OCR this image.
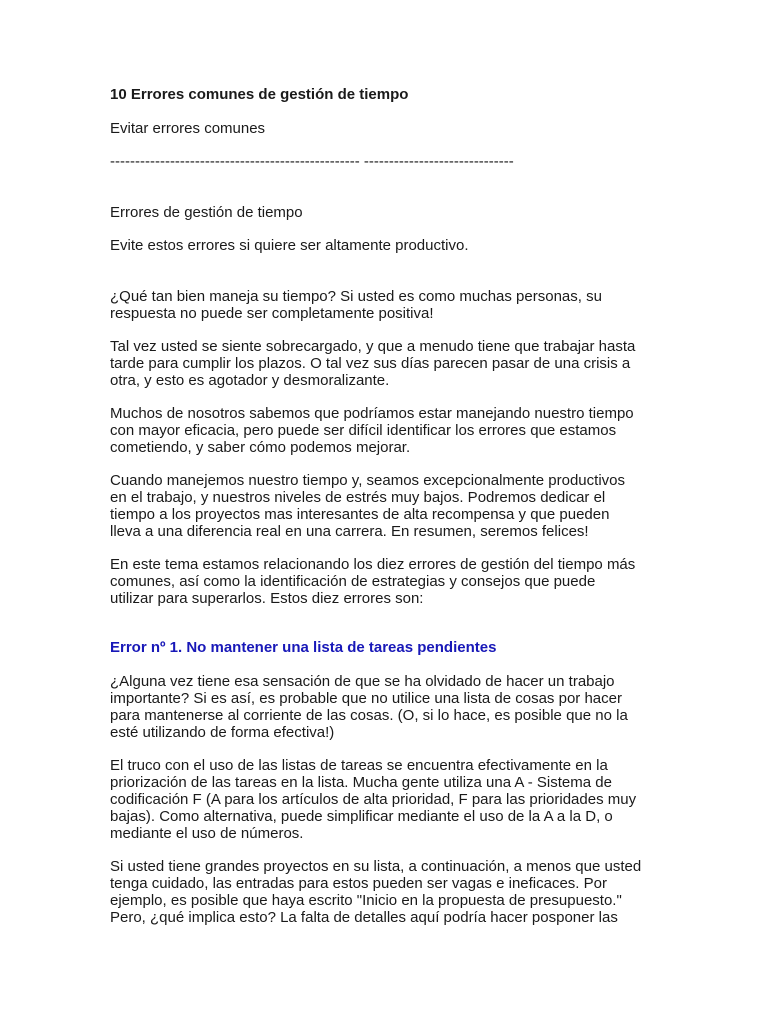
10 Errores comunes de gestión de tiempo

Evitar errores comunes

-------------------------------------------------- ------------------------------

Errores de gestión de tiempo

Evite estos errores si quiere ser altamente productivo.

¿Qué tan bien maneja su tiempo? Si usted es como muchas personas, su
respuesta no puede ser completamente positiva!
Tal vez usted se siente sobrecargado, y que a menudo tiene que trabajar hasta
tarde para cumplir los plazos. O tal vez sus días parecen pasar de una crisis a
otra, y esto es agotador y desmoralizante.
Muchos de nosotros sabemos que podríamos estar manejando nuestro tiempo
con mayor eficacia, pero puede ser difícil identificar los errores que estamos
cometiendo, y saber cómo podemos mejorar.
Cuando manejemos nuestro tiempo y, seamos excepcionalmente productivos
en el trabajo, y nuestros niveles de estrés muy bajos. Podremos dedicar el
tiempo a los proyectos mas interesantes de alta recompensa y que pueden
lleva a una diferencia real en una carrera. En resumen, seremos felices!
En este tema estamos relacionando los diez errores de gestión del tiempo más
comunes, así como la identificación de estrategias y consejos que puede
utilizar para superarlos. Estos diez errores son:

Error nº 1. No mantener una lista de tareas pendientes

¿Alguna vez tiene esa sensación de que se ha olvidado de hacer un trabajo
importante? Si es así, es probable que no utilice una lista de cosas por hacer
para mantenerse al corriente de las cosas. (O, si lo hace, es posible que no la
esté utilizando de forma efectiva!)
El truco con el uso de las listas de tareas se encuentra efectivamente en la
priorización de las tareas en la lista. Mucha gente utiliza una A - Sistema de
codificación F (A para los artículos de alta prioridad, F para las prioridades muy
bajas). Como alternativa, puede simplificar mediante el uso de la A a la D, o
mediante el uso de números.
Si usted tiene grandes proyectos en su lista, a continuación, a menos que usted
tenga cuidado, las entradas para estos pueden ser vagas e ineficaces. Por
ejemplo, es posible que haya escrito "Inicio en la propuesta de presupuesto."
Pero, ¿qué implica esto? La falta de detalles aquí podría hacer posponer las
